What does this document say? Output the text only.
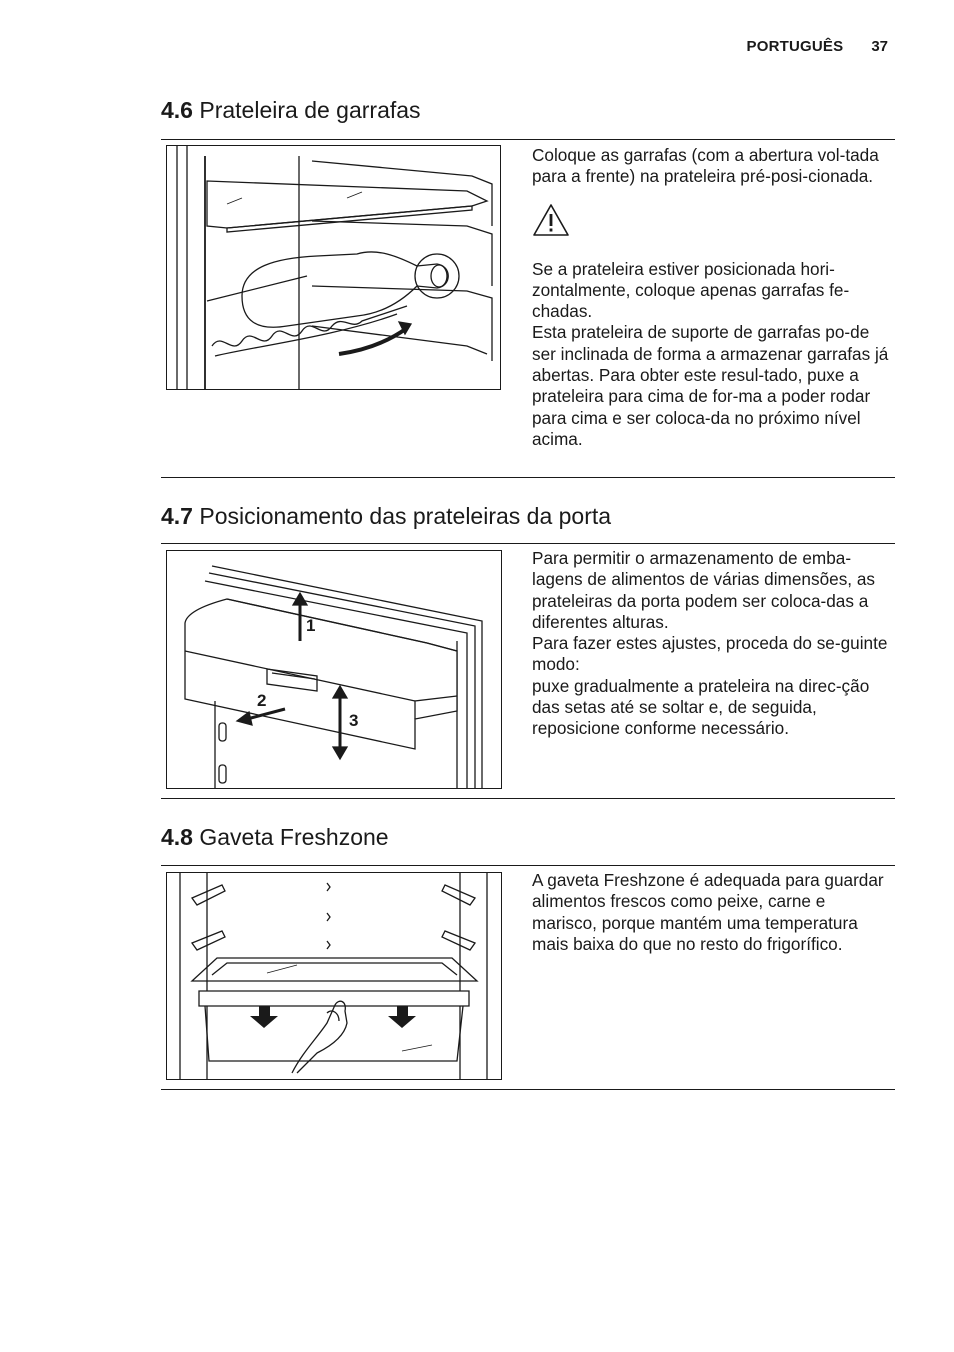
PORTUGUÊS 37
4.6 Prateleira de garrafas

Coloque as garrafas (com a abertura vol-tada para a frente) na prateleira pré-posi-cionada.

Se a prateleira estiver posicionada hori-zontalmente, coloque apenas garrafas fe-chadas.

Esta prateleira de suporte de garrafas po-de ser inclinada de forma a armazenar garrafas já abertas. Para obter este resul-tado, puxe a prateleira para cima de for-ma a poder rodar para cima e ser coloca-da no próximo nível acima.

4.7 Posicionamento das prateleiras da porta
1
2
3

Para permitir o armazenamento de emba-lagens de alimentos de várias dimensões, as prateleiras da porta podem ser coloca-das a diferentes alturas.

Para fazer estes ajustes, proceda do se-guinte modo:

puxe gradualmente a prateleira na direc-ção das setas até se soltar e, de seguida, reposicione conforme necessário.

4.8 Gaveta Freshzone

A gaveta Freshzone é adequada para guardar alimentos frescos como peixe, carne e marisco, porque mantém uma temperatura mais baixa do que no resto do frigorífico.
